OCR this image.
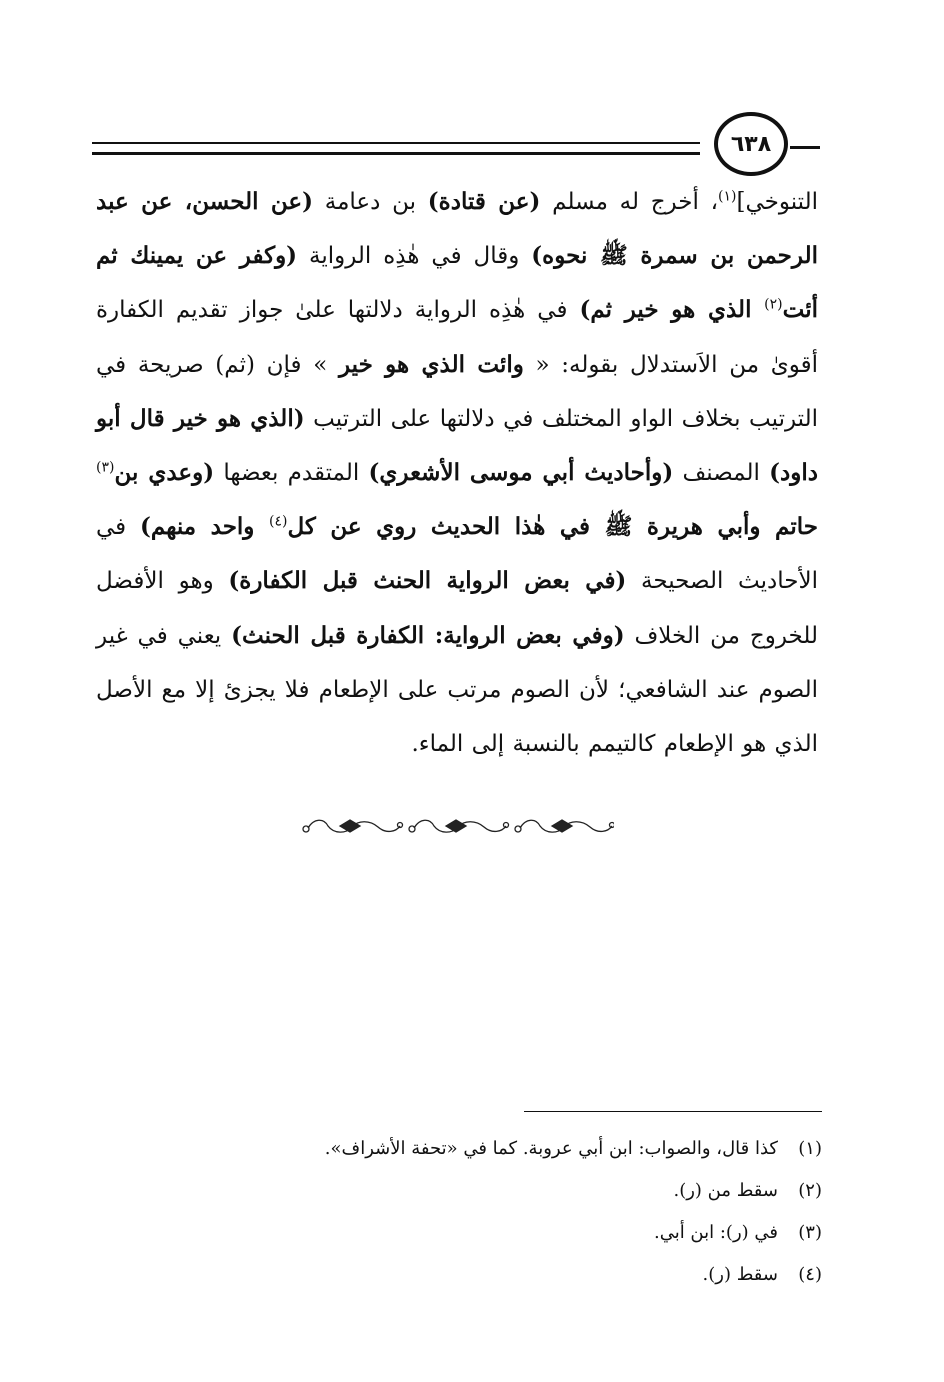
٦٣٨
التنوخي]$^{(١)}$، أخرج له مسلم (عن قتادة) بن دعامة (عن الحسن، عن عبد الرحمن بن سمرة ﷺ نحوه) وقال في هٰذِه الرواية (وكفر عن يمينك ثم أئت$^{(٢)}$ الذي هو خير ثم) في هٰذِه الرواية دلالتها علىٰ جواز تقديم الكفارة أقوىٰ من الاَستدلال بقوله: « وائت الذي هو خير » فإن (ثم) صريحة في الترتيب بخلاف الواو المختلف في دلالتها على الترتيب (الذي هو خير قال أبو داود) المصنف (وأحاديث أبي موسى الأشعري) المتقدم بعضها (وعدي بن$^{(٣)}$ حاتم وأبي هريرة ﷺ في هٰذا الحديث روي عن كل$^{(٤)}$ واحد منهم) في الأحاديث الصحيحة (في بعض الرواية الحنث قبل الكفارة) وهو الأفضل للخروج من الخلاف (وفي بعض الرواية: الكفارة قبل الحنث) يعني في غير الصوم عند الشافعي؛ لأن الصوم مرتب على الإطعام فلا يجزئ إلا مع الأصل الذي هو الإطعام كالتيمم بالنسبة إلى الماء.
(١)
كذا قال، والصواب: ابن أبي عروبة. كما في «تحفة الأشراف».
(٢)
سقط من (ر).
(٣)
في (ر): ابن أبي.
(٤)
سقط (ر).
